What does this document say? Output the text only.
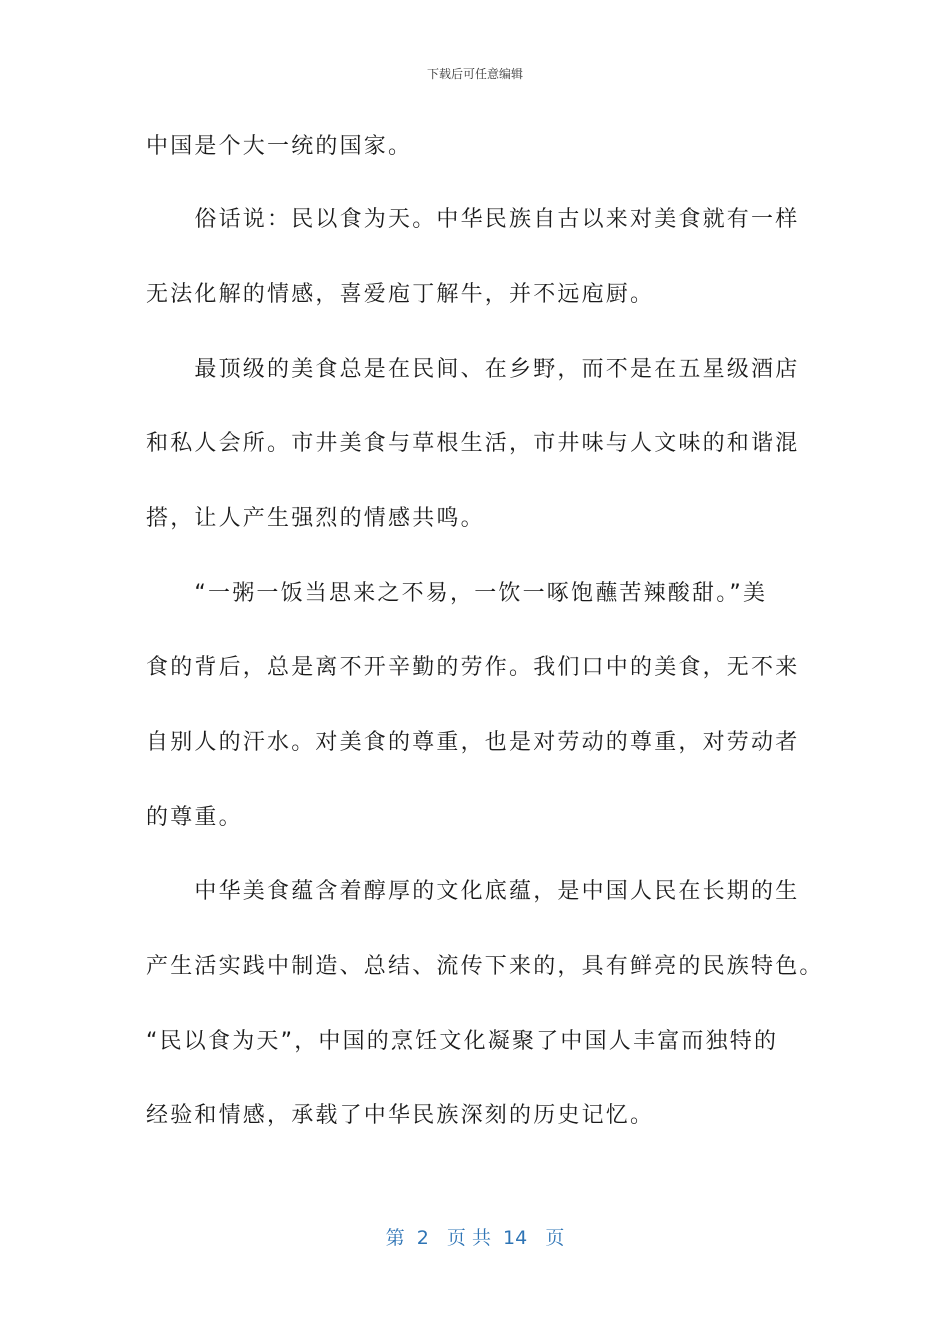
下载后可任意编辑
中国是个大一统的国家。
　　俗话说：民以食为天。中华民族自古以来对美食就有一样
无法化解的情感，喜爱庖丁解牛，并不远庖厨。
　　最顶级的美食总是在民间、在乡野，而不是在五星级酒店
和私人会所。市井美食与草根生活，市井味与人文味的和谐混
搭，让人产生强烈的情感共鸣。
　　“一粥一饭当思来之不易，一饮一啄饱蘸苦辣酸甜。”美
食的背后，总是离不开辛勤的劳作。我们口中的美食，无不来
自别人的汗水。对美食的尊重，也是对劳动的尊重，对劳动者
的尊重。
　　中华美食蕴含着醇厚的文化底蕴，是中国人民在长期的生
产生活实践中制造、总结、流传下来的，具有鲜亮的民族特色。
“民以食为天”，中国的烹饪文化凝聚了中国人丰富而独特的
经验和情感，承载了中华民族深刻的历史记忆。
第  2   页 共  14   页
